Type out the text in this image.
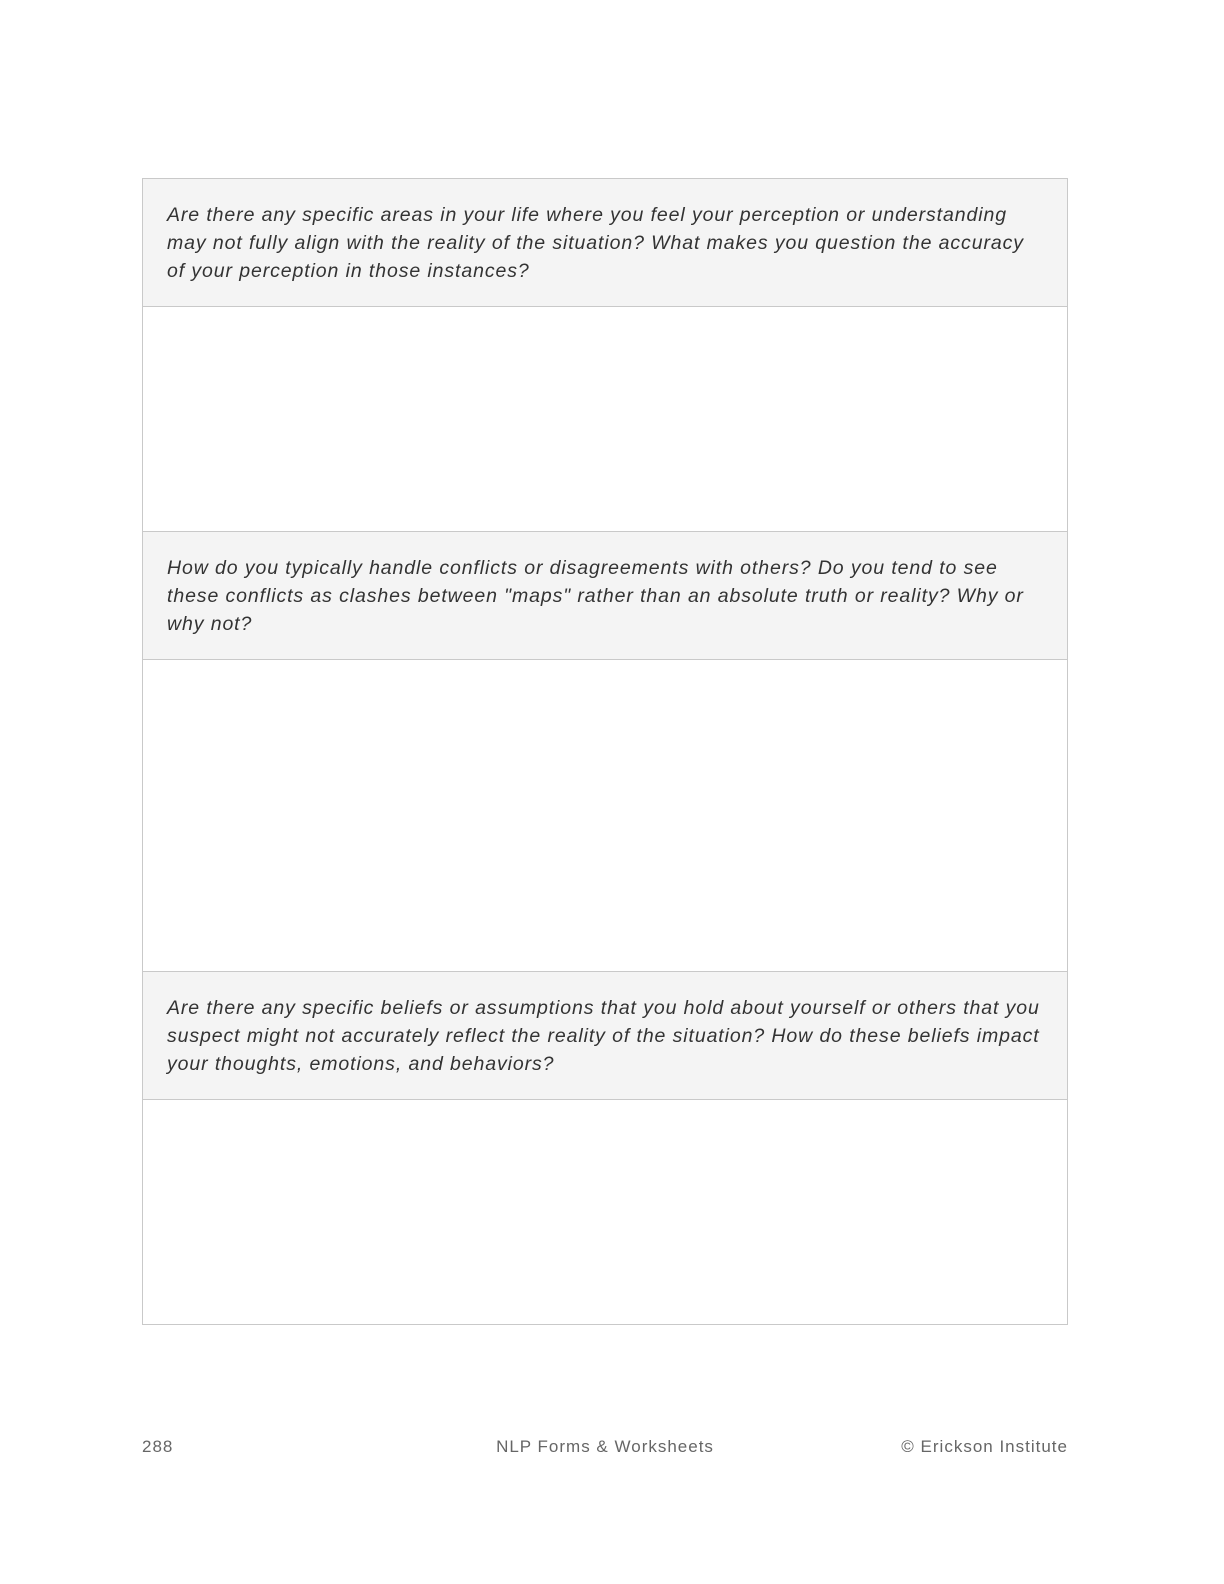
Are there any specific areas in your life where you feel your perception or understanding may not fully align with the reality of the situation? What makes you question the accuracy of your perception in those instances?
How do you typically handle conflicts or disagreements with others? Do you tend to see these conflicts as clashes between "maps" rather than an absolute truth or reality? Why or why not?
Are there any specific beliefs or assumptions that you hold about yourself or others that you suspect might not accurately reflect the reality of the situation? How do these beliefs impact your thoughts, emotions, and behaviors?
288	NLP Forms & Worksheets	© Erickson Institute
